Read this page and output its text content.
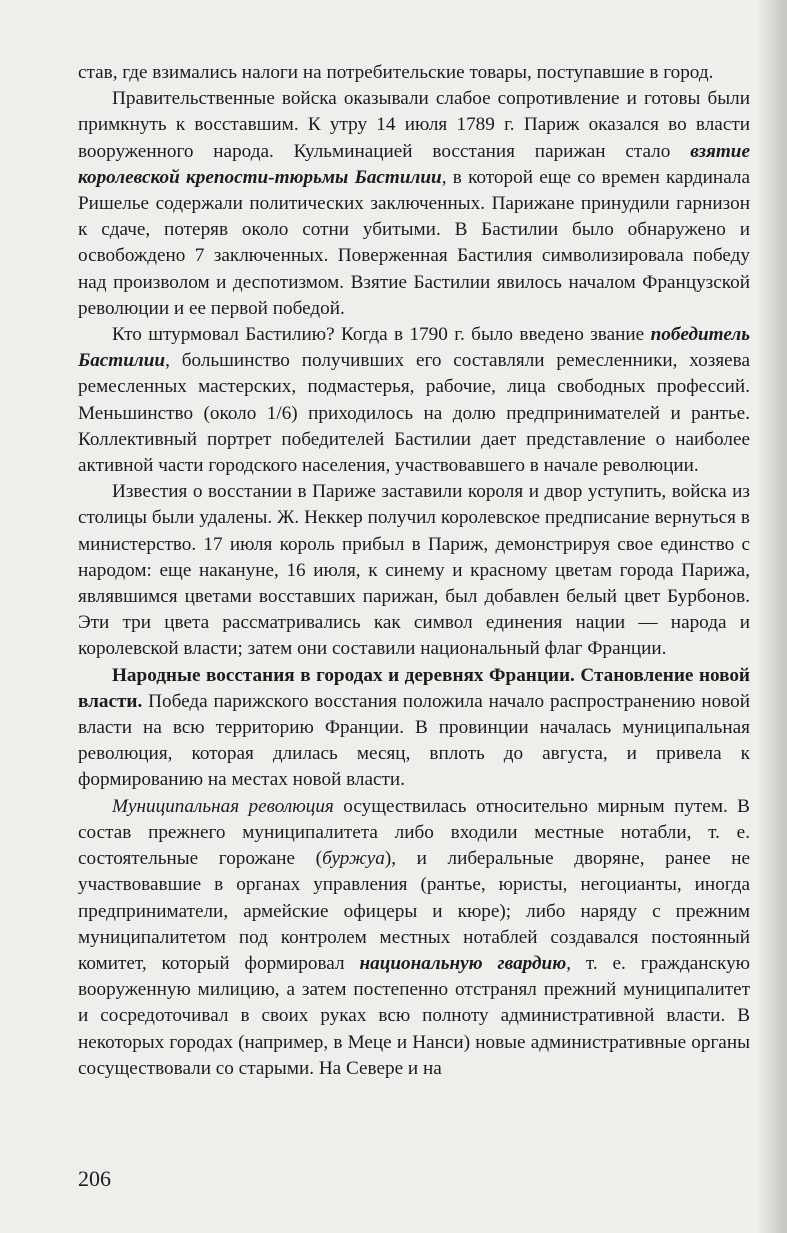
став, где взимались налоги на потребительские товары, поступавшие в город.

Правительственные войска оказывали слабое сопротивление и готовы были примкнуть к восставшим. К утру 14 июля 1789 г. Париж оказался во власти вооруженного народа. Кульминацией восстания парижан стало взятие королевской крепости-тюрьмы Бастилии, в которой еще со времен кардинала Ришелье содержали политических заключенных. Парижане принудили гарнизон к сдаче, потеряв около сотни убитыми. В Бастилии было обнаружено и освобождено 7 заключенных. Поверженная Бастилия символизировала победу над произволом и деспотизмом. Взятие Бастилии явилось началом Французской революции и ее первой победой.

Кто штурмовал Бастилию? Когда в 1790 г. было введено звание победитель Бастилии, большинство получивших его составляли ремесленники, хозяева ремесленных мастерских, подмастерья, рабочие, лица свободных профессий. Меньшинство (около 1/6) приходилось на долю предпринимателей и рантье. Коллективный портрет победителей Бастилии дает представление о наиболее активной части городского населения, участвовавшего в начале революции.

Известия о восстании в Париже заставили короля и двор уступить, войска из столицы были удалены. Ж. Неккер получил королевское предписание вернуться в министерство. 17 июля король прибыл в Париж, демонстрируя свое единство с народом: еще накануне, 16 июля, к синему и красному цветам города Парижа, являвшимся цветами восставших парижан, был добавлен белый цвет Бурбонов. Эти три цвета рассматривались как символ единения нации — народа и королевской власти; затем они составили национальный флаг Франции.

Народные восстания в городах и деревнях Франции. Становление новой власти. Победа парижского восстания положила начало распространению новой власти на всю территорию Франции. В провинции началась муниципальная революция, которая длилась месяц, вплоть до августа, и привела к формированию на местах новой власти.

Муниципальная революция осуществилась относительно мирным путем. В состав прежнего муниципалитета либо входили местные нотабли, т. е. состоятельные горожане (буржуа), и либеральные дворяне, ранее не участвовавшие в органах управления (рантье, юристы, негоцианты, иногда предприниматели, армейские офицеры и кюре); либо наряду с прежним муниципалитетом под контролем местных нотаблей создавался постоянный комитет, который формировал национальную гвардию, т. е. гражданскую вооруженную милицию, а затем постепенно отстранял прежний муниципалитет и сосредоточивал в своих руках всю полноту административной власти. В некоторых городах (например, в Меце и Нанси) новые административные органы сосуществовали со старыми. На Севере и на

206
